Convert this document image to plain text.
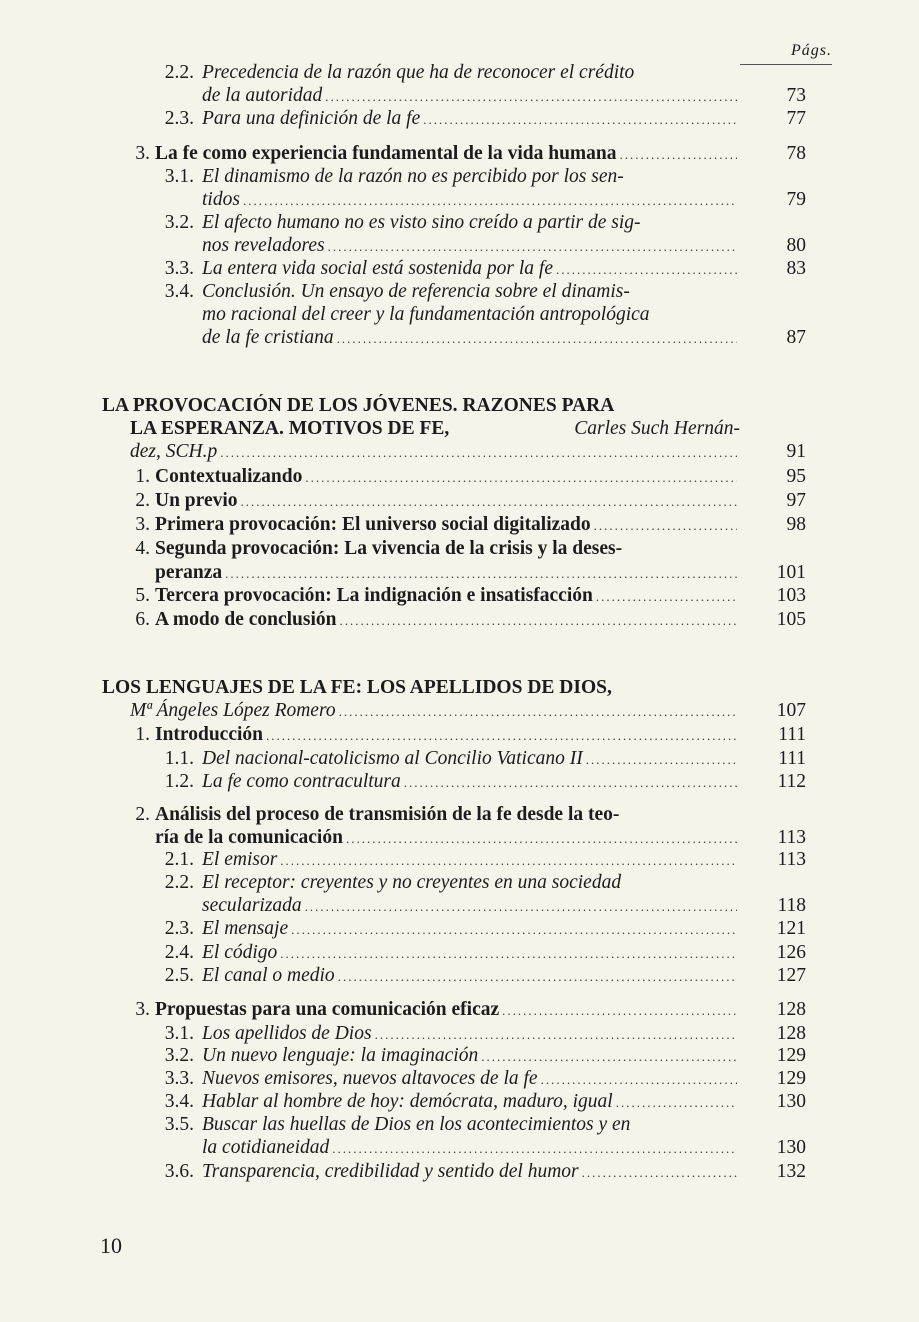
Págs.
2.2. Precedencia de la razón que ha de reconocer el crédito
de la autoridad .....	73
2.3. Para una definición de la fe .....	77
3. La fe como experiencia fundamental de la vida humana .....	78
3.1. El dinamismo de la razón no es percibido por los sen-
tidos .....	79
3.2. El afecto humano no es visto sino creído a partir de sig-
nos reveladores .....	80
3.3. La entera vida social está sostenida por la fe .....	83
3.4. Conclusión. Un ensayo de referencia sobre el dinamis-
mo racional del creer y la fundamentación antropológica
de la fe cristiana .....	87
LA PROVOCACIÓN DE LOS JÓVENES. RAZONES PARA
LA ESPERANZA. MOTIVOS DE FE,	Carles Such Hernán-
dez, SCH.p .....	91
1. Contextualizando .....	95
2. Un previo .....	97
3. Primera provocación: El universo social digitalizado .....	98
4. Segunda provocación: La vivencia de la crisis y la deses-
peranza .....	101
5. Tercera provocación: La indignación e insatisfacción .....	103
6. A modo de conclusión .....	105
LOS LENGUAJES DE LA FE: LOS APELLIDOS DE DIOS,
Mª Ángeles López Romero .....	107
1. Introducción .....	111
1.1. Del nacional-catolicismo al Concilio Vaticano II .....	111
1.2. La fe como contracultura .....	112
2. Análisis del proceso de transmisión de la fe desde la teo-
ría de la comunicación .....	113
2.1. El emisor .....	113
2.2. El receptor: creyentes y no creyentes en una sociedad
secularizada .....	118
2.3. El mensaje .....	121
2.4. El código .....	126
2.5. El canal o medio .....	127
3. Propuestas para una comunicación eficaz .....	128
3.1. Los apellidos de Dios .....	128
3.2. Un nuevo lenguaje: la imaginación .....	129
3.3. Nuevos emisores, nuevos altavoces de la fe .....	129
3.4. Hablar al hombre de hoy: demócrata, maduro, igual .....	130
3.5. Buscar las huellas de Dios en los acontecimientos y en
la cotidianeidad .....	130
3.6. Transparencia, credibilidad y sentido del humor .....	132
10
